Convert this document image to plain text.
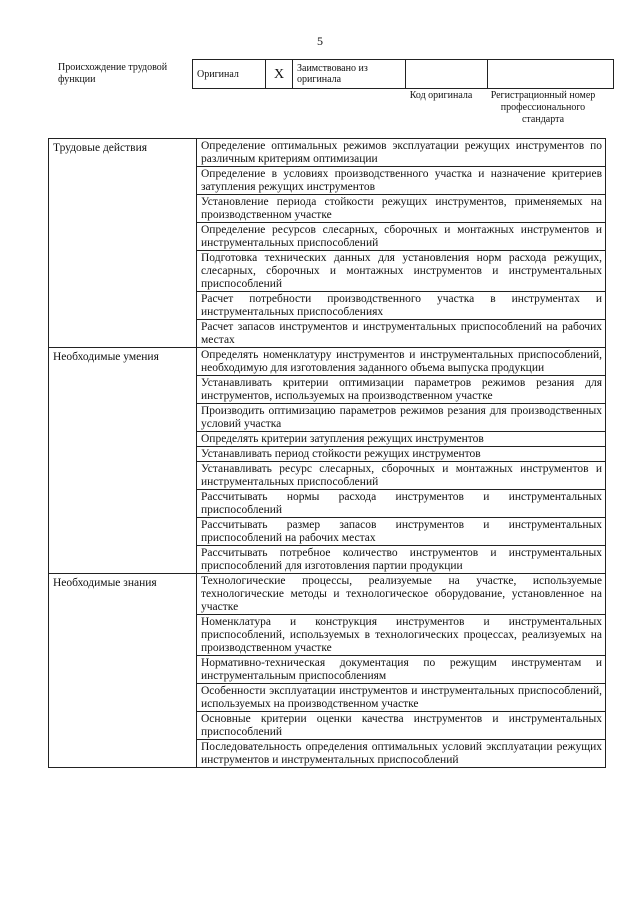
5
Происхождение трудовой функции	Оригинал	X	Заимствовано из оригинала		
Код оригинала	Регистрационный номер профессионального стандарта
Трудовые действия	Определение оптимальных режимов эксплуатации режущих инструментов по различным критериям оптимизации
	Определение в условиях производственного участка и назначение критериев затупления режущих инструментов
	Установление периода стойкости режущих инструментов, применяемых на производственном участке
	Определение ресурсов слесарных, сборочных и монтажных инструментов и инструментальных приспособлений
	Подготовка технических данных для установления норм расхода режущих, слесарных, сборочных и монтажных инструментов и инструментальных приспособлений
	Расчет потребности производственного участка в инструментах и инструментальных приспособлениях
	Расчет запасов инструментов и инструментальных приспособлений на рабочих местах
Необходимые умения	Определять номенклатуру инструментов и инструментальных приспособлений, необходимую для изготовления заданного объема выпуска продукции
	Устанавливать критерии оптимизации параметров режимов резания для инструментов, используемых на производственном участке
	Производить оптимизацию параметров режимов резания для производственных условий участка
	Определять критерии затупления режущих инструментов
	Устанавливать период стойкости режущих инструментов
	Устанавливать ресурс слесарных, сборочных и монтажных инструментов и инструментальных приспособлений
	Рассчитывать нормы расхода инструментов и инструментальных приспособлений
	Рассчитывать размер запасов инструментов и инструментальных приспособлений на рабочих местах
	Рассчитывать потребное количество инструментов и инструментальных приспособлений для изготовления партии продукции
Необходимые знания	Технологические процессы, реализуемые на участке, используемые технологические методы и технологическое оборудование, установленное на участке
	Номенклатура и конструкция инструментов и инструментальных приспособлений, используемых в технологических процессах, реализуемых на производственном участке
	Нормативно-техническая документация по режущим инструментам и инструментальным приспособлениям
	Особенности эксплуатации инструментов и инструментальных приспособлений, используемых на производственном участке
	Основные критерии оценки качества инструментов и инструментальных приспособлений
	Последовательность определения оптимальных условий эксплуатации режущих инструментов и инструментальных приспособлений
